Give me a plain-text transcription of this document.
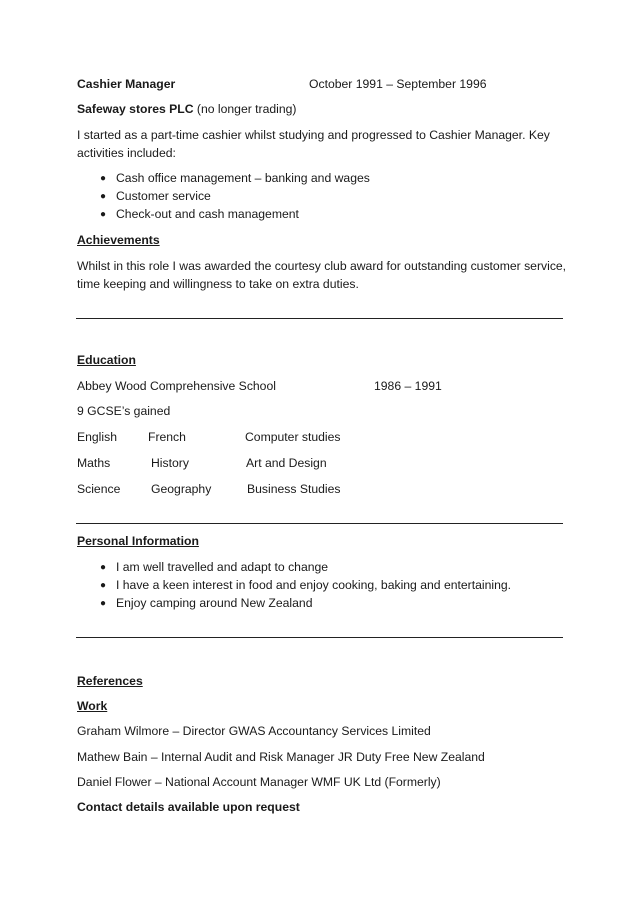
Cashier Manager	October 1991 – September 1996
Safeway stores PLC (no longer trading)
I started as a part-time cashier whilst studying and progressed to Cashier Manager. Key
activities included:
● Cash office management – banking and wages
● Customer service
● Check-out and cash management
Achievements
Whilst in this role I was awarded the courtesy club award for outstanding customer service,
time keeping and willingness to take on extra duties.
Education
Abbey Wood Comprehensive School	1986 – 1991
9 GCSE’s gained
English	French	Computer studies
Maths	History	Art and Design
Science	Geography	Business Studies
Personal Information
● I am well travelled and adapt to change
● I have a keen interest in food and enjoy cooking, baking and entertaining.
● Enjoy camping around New Zealand
References
Work
Graham Wilmore – Director GWAS Accountancy Services Limited
Mathew Bain – Internal Audit and Risk Manager JR Duty Free New Zealand
Daniel Flower – National Account Manager WMF UK Ltd (Formerly)
Contact details available upon request
